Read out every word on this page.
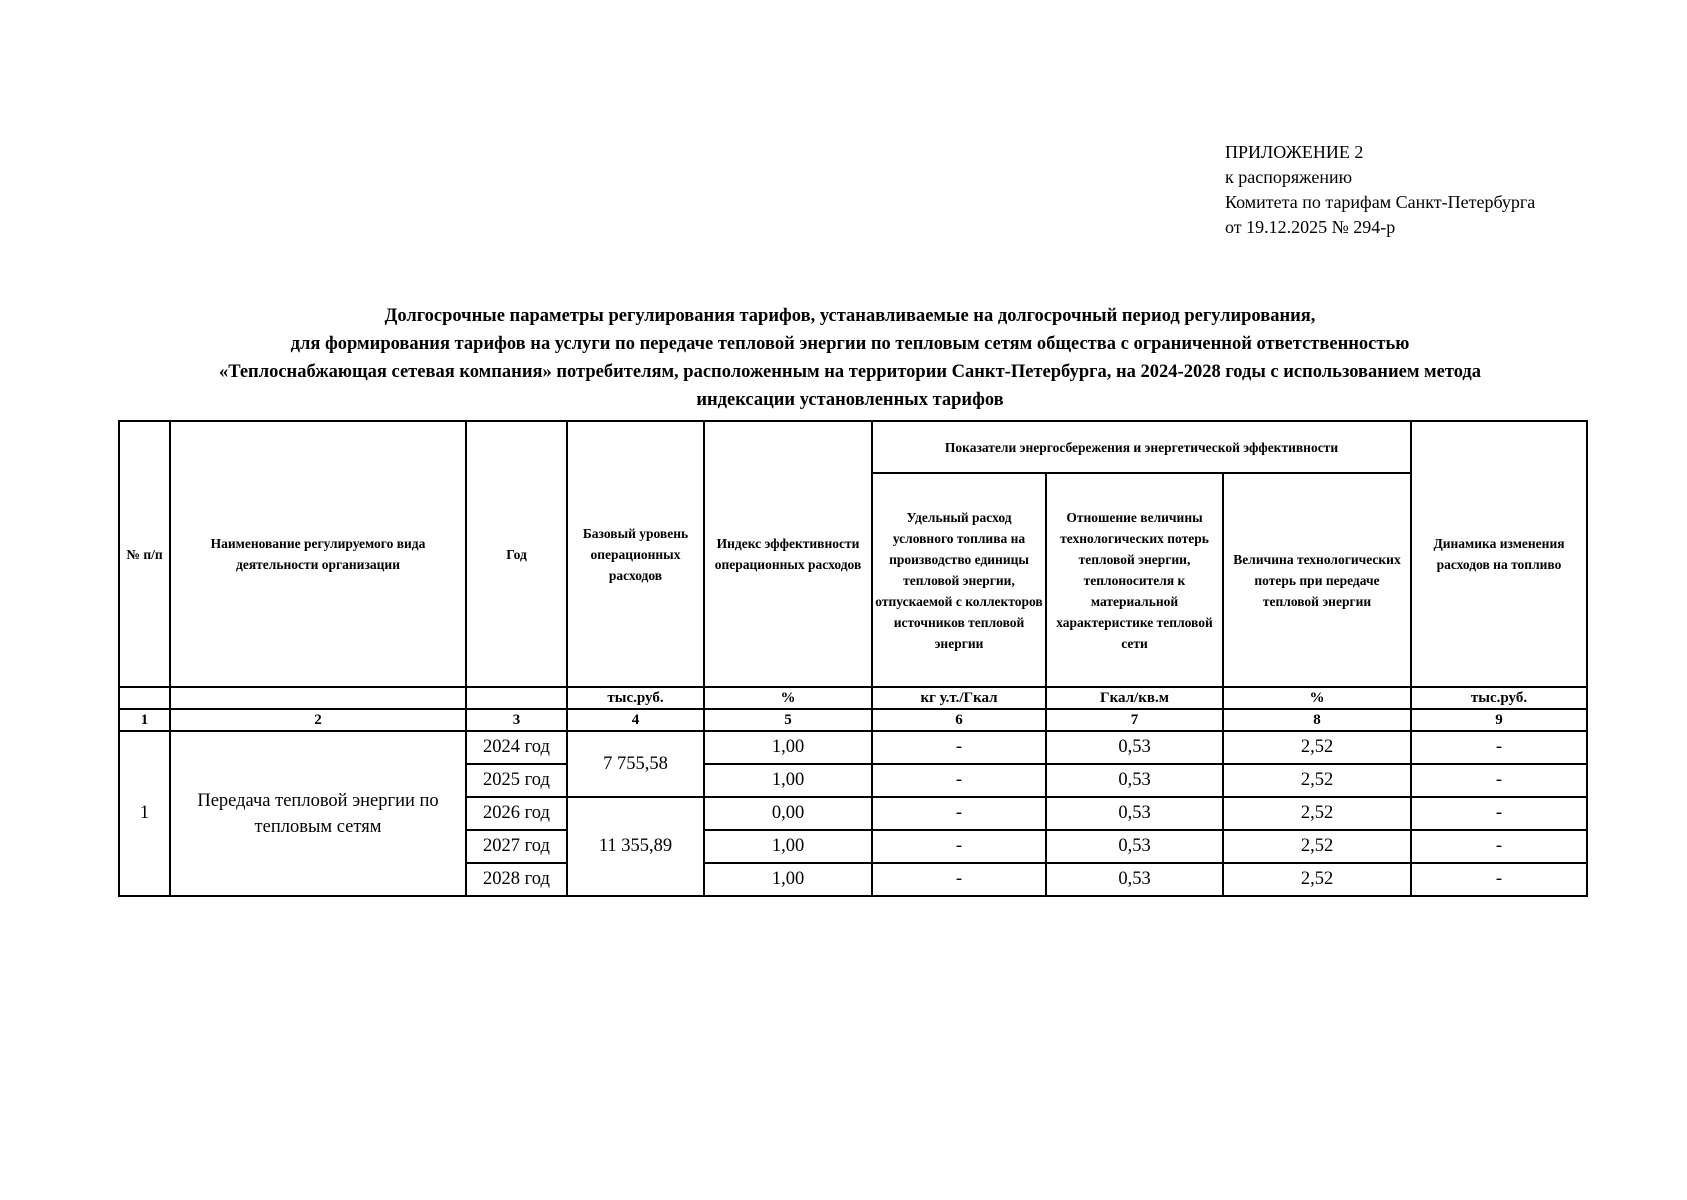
ПРИЛОЖЕНИЕ 2
к распоряжению
Комитета по тарифам Санкт-Петербурга
от 19.12.2025 № 294-р
Долгосрочные параметры регулирования тарифов, устанавливаемые на долгосрочный период регулирования,
для формирования тарифов на услуги по передаче тепловой энергии по тепловым сетям общества с ограниченной ответственностью
«Теплоснабжающая сетевая компания» потребителям, расположенным на территории Санкт-Петербурга, на 2024-2028 годы с использованием метода
индексации установленных тарифов
№ п/п	Наименование регулируемого вида деятельности организации	Год	Базовый уровень операционных расходов	Индекс эффективности операционных расходов	Показатели энергосбережения и энергетической эффективности			Динамика изменения расходов на топливо
					Удельный расход условного топлива на производство единицы тепловой энергии, отпускаемой с коллекторов источников тепловой энергии	Отношение величины технологических потерь тепловой энергии, теплоносителя к материальной характеристике тепловой сети	Величина технологических потерь при передаче тепловой энергии	
			тыс.руб.	%	кг у.т./Гкал	Гкал/кв.м	%	тыс.руб.
1	2	3	4	5	6	7	8	9
1	Передача тепловой энергии по тепловым сетям	2024 год	7 755,58	1,00	-	0,53	2,52	-
		2025 год		1,00	-	0,53	2,52	-
		2026 год	11 355,89	0,00	-	0,53	2,52	-
		2027 год		1,00	-	0,53	2,52	-
		2028 год		1,00	-	0,53	2,52	-
